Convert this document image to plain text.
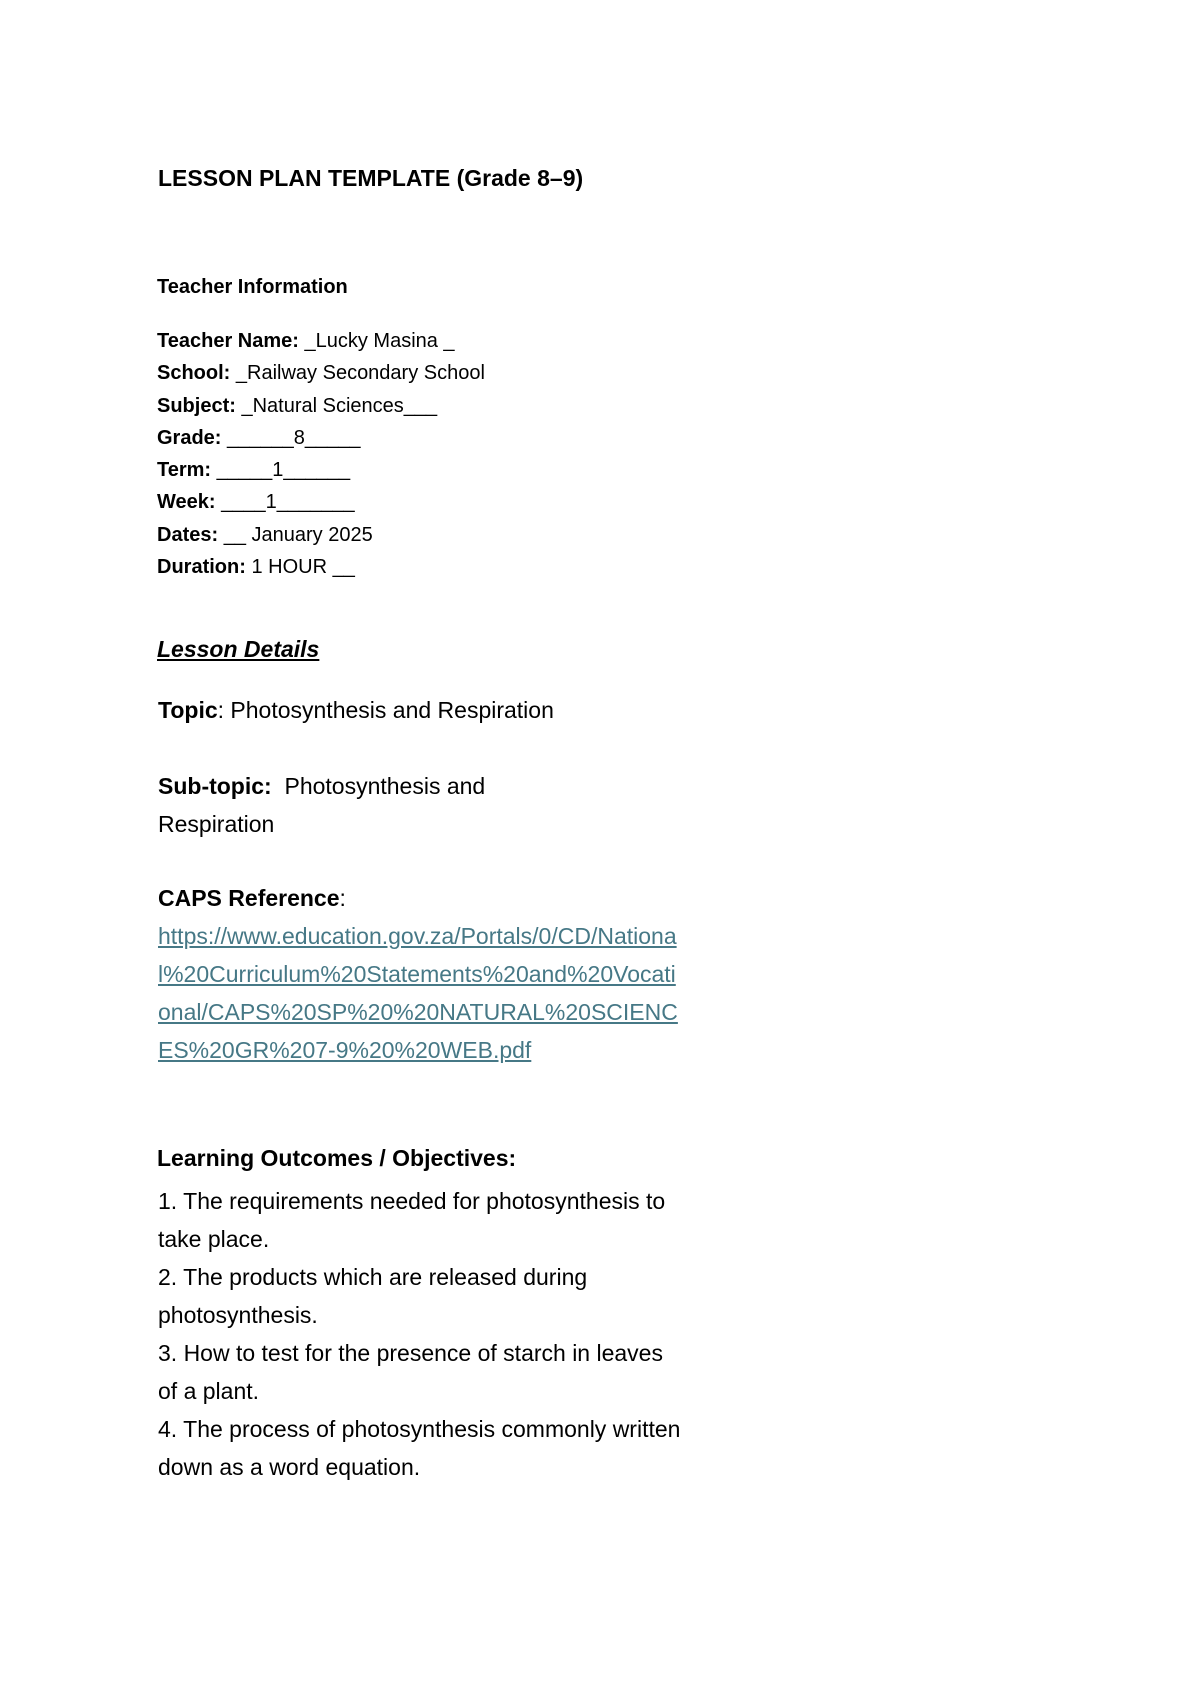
LESSON PLAN TEMPLATE (Grade 8–9)
Teacher Information
Teacher Name: _Lucky Masina _
School: _Railway Secondary School
Subject: _Natural Sciences___
Grade: ______8_____
Term: _____1______
Week: ____1_______
Dates: __ January 2025
Duration: 1 HOUR __
Lesson Details

Topic: Photosynthesis and Respiration

Sub-topic:  Photosynthesis and Respiration

CAPS Reference:

https://www.education.gov.za/Portals/0/CD/National%20Curriculum%20Statements%20and%20Vocational/CAPS%20SP%20%20NATURAL%20SCIENCES%20GR%207-9%20%20WEB.pdf
Learning Outcomes / Objectives:
1. The requirements needed for photosynthesis to take place.
2. The products which are released during photosynthesis.
3. How to test for the presence of starch in leaves of a plant.
4. The process of photosynthesis commonly written down as a word equation.
